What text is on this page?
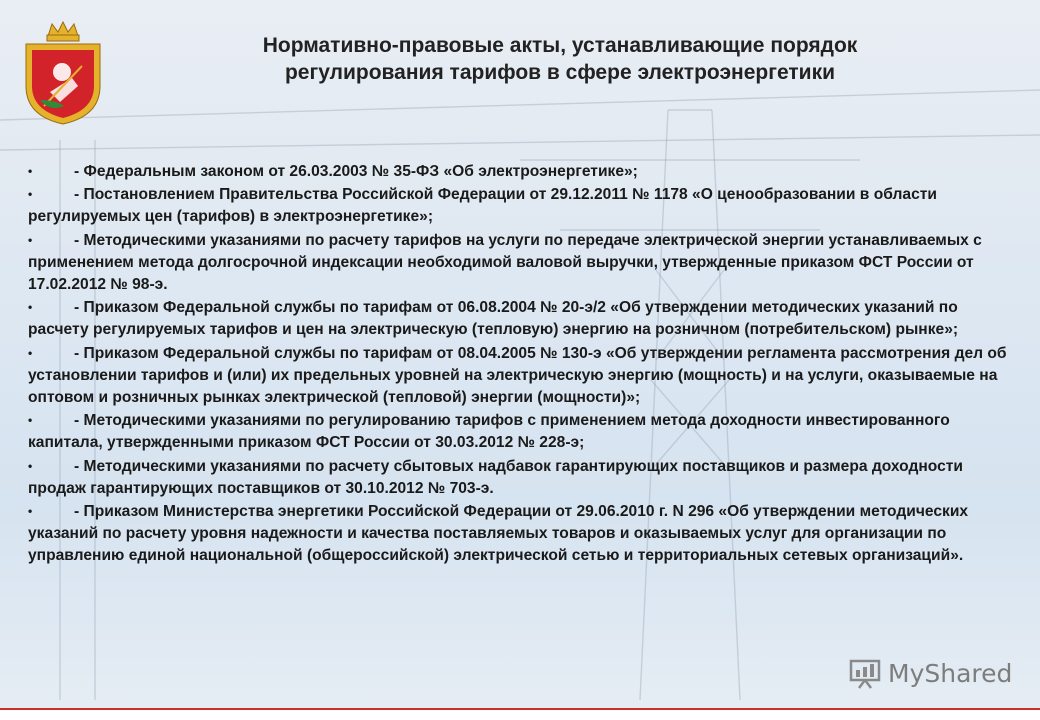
Нормативно-правовые акты, устанавливающие порядок
регулирования тарифов в сфере электроэнергетики
•	- Федеральным законом от 26.03.2003 № 35-ФЗ «Об электроэнергетике»;
•	- Постановлением Правительства Российской Федерации от 29.12.2011 № 1178 «О ценообразовании в области регулируемых цен (тарифов) в электроэнергетике»;
•	- Методическими указаниями по расчету тарифов на услуги по передаче электрической энергии устанавливаемых с применением метода долгосрочной индексации необходимой валовой выручки, утвержденные приказом ФСТ России от 17.02.2012 № 98-э.
•	- Приказом Федеральной службы по тарифам от 06.08.2004 № 20-э/2 «Об утверждении методических указаний по расчету регулируемых тарифов и цен на электрическую (тепловую) энергию на розничном (потребительском) рынке»;
•	- Приказом Федеральной службы по тарифам от 08.04.2005 № 130-э «Об утверждении регламента рассмотрения дел об установлении тарифов и (или) их предельных уровней на электрическую энергию (мощность) и на услуги, оказываемые на оптовом и розничных рынках электрической (тепловой) энергии (мощности)»;
•	- Методическими указаниями по регулированию тарифов с применением метода доходности инвестированного капитала, утвержденными приказом ФСТ России от 30.03.2012 № 228-э;
•	- Методическими указаниями по расчету сбытовых надбавок гарантирующих поставщиков и размера доходности продаж гарантирующих поставщиков от 30.10.2012 № 703-э.
•	- Приказом Министерства энергетики Российской Федерации от 29.06.2010 г. N 296 «Об утверждении методических указаний по расчету уровня надежности и качества поставляемых товаров и оказываемых услуг для организации по управлению единой национальной (общероссийской) электрической сетью и территориальных сетевых организаций».
MyShared
